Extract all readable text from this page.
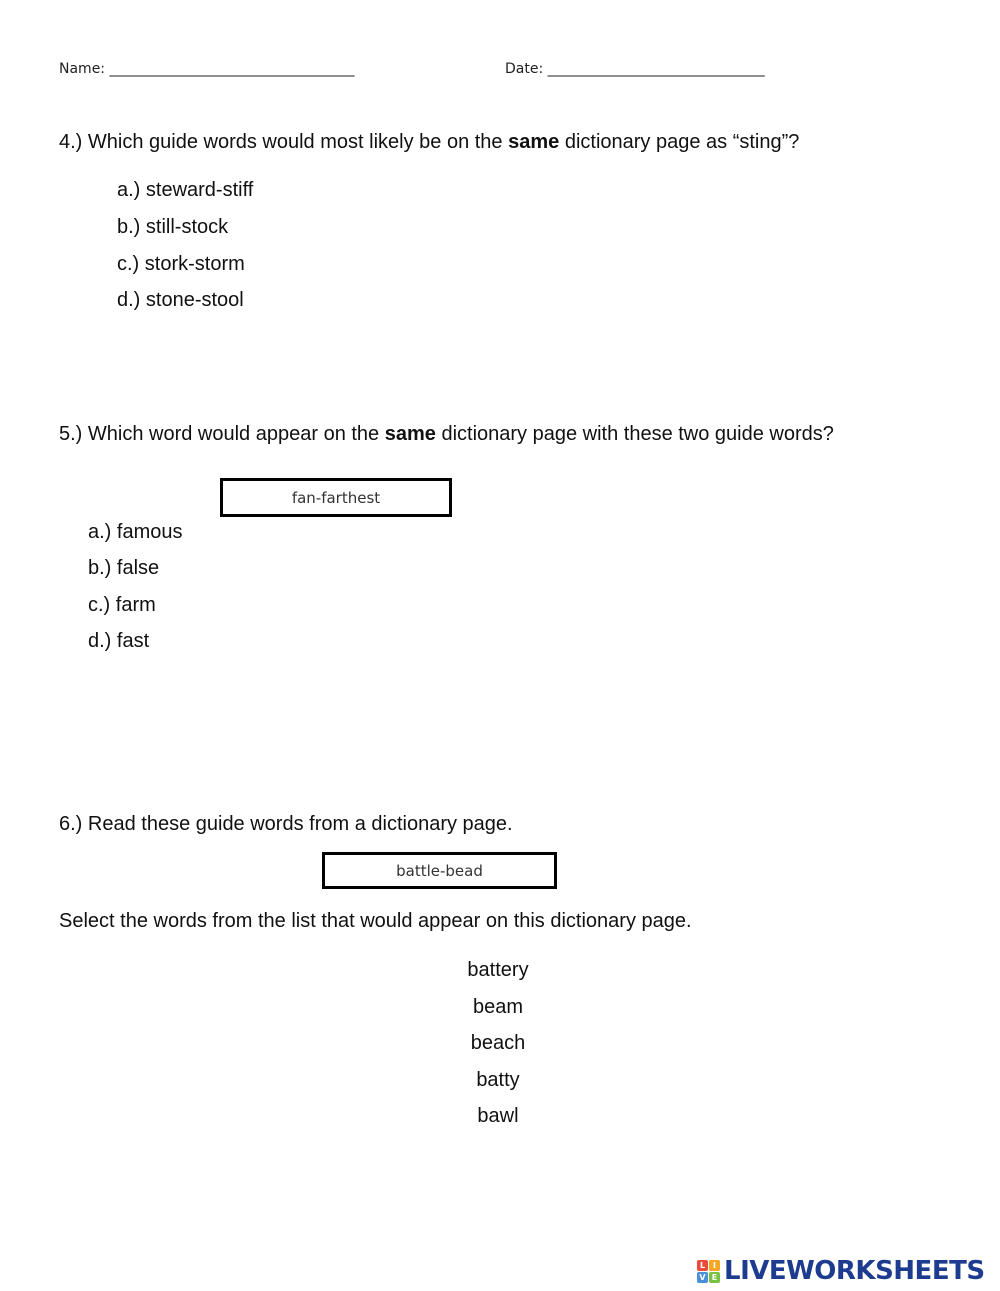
Name: ___________________________________	Date: _______________________________
4.) Which guide words would most likely be on the same dictionary page as “sting”?
a.) steward-stiff
b.) still-stock
c.) stork-storm
d.) stone-stool
5.) Which word would appear on the same dictionary page with these two guide words?
fan-farthest
a.) famous
b.) false
c.) farm
d.) fast
6.) Read these guide words from a dictionary page.
battle-bead
Select the words from the list that would appear on this dictionary page.
battery
beam
beach
batty
bawl
L I
V E LIVEWORKSHEETS
